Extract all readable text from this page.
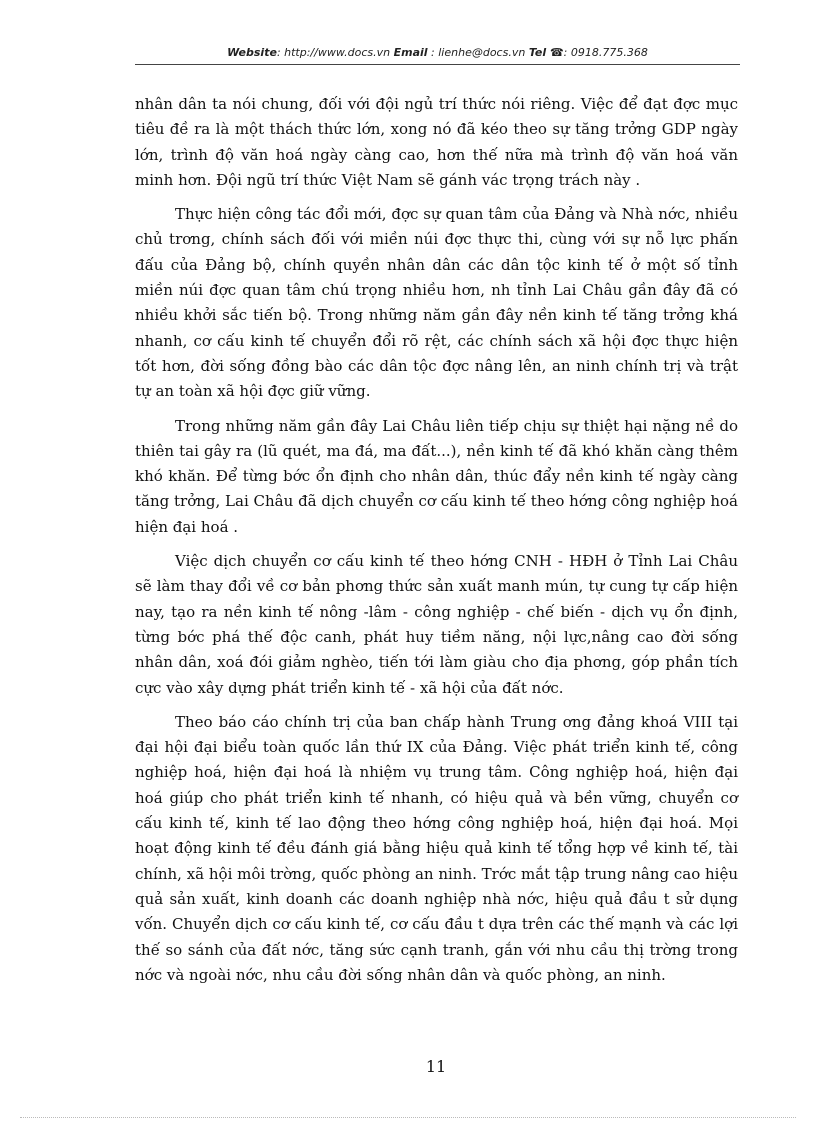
Website: http://www.docs.vn Email : lienhe@docs.vn Tel ☎: 0918.775.368

nhân dân ta nói chung, đối với đội ngủ trí thức nói riêng. Việc để đạt đợc mục tiêu đề ra là một thách thức lớn, xong nó đã kéo theo sự tăng trởng GDP ngày lớn, trình độ văn hoá ngày càng cao, hơn thế nữa mà trình độ văn hoá văn minh hơn. Đội ngũ trí thức Việt Nam sẽ gánh vác trọng trách này .

Thực hiện công tác đổi mới, đợc sự quan tâm của Đảng và Nhà nớc, nhiều chủ trơng, chính sách đối với miền núi đợc thực thi, cùng với sự nỗ lực phấn đấu của Đảng bộ, chính quyền nhân dân các dân tộc kinh tế ở một số tỉnh miền núi đợc quan tâm chú trọng nhiều hơn, nh tỉnh Lai Châu gần đây đã có nhiều khởi sắc tiến bộ. Trong những năm gần đây nền kinh tế tăng trởng khá nhanh, cơ cấu kinh tế chuyển đổi rõ rệt, các chính sách xã hội đợc thực hiện tốt hơn, đời sống đồng bào các dân tộc đợc nâng lên, an ninh chính trị và trật tự an toàn xã hội đợc giữ vững.

Trong những năm gần đây Lai Châu liên tiếp chịu sự thiệt hại nặng nề do thiên tai gây ra (lũ quét, ma đá, ma đất...), nền kinh tế đã khó khăn càng thêm khó khăn. Để từng bớc ổn định cho nhân dân, thúc đẩy nền kinh tế ngày càng tăng trởng, Lai Châu đã dịch chuyển cơ cấu kinh tế theo hớng công nghiệp hoá hiện đại hoá .

Việc dịch chuyển cơ cấu kinh tế theo hớng CNH - HĐH ở Tỉnh Lai Châu sẽ làm thay đổi về cơ bản phơng thức sản xuất manh mún, tự cung tự cấp hiện nay, tạo ra nền kinh tế nông -lâm - công nghiệp - chế biến - dịch vụ ổn định, từng bớc phá thế độc canh, phát huy tiềm năng, nội lực,nâng cao đời sống nhân dân, xoá đói giảm nghèo, tiến tới làm giàu cho địa phơng, góp phần tích cực vào xây dựng phát triển kinh tế - xã hội của đất nớc.

Theo báo cáo chính trị của ban chấp hành Trung ơng đảng khoá VIII tại đại hội đại biểu toàn quốc lần thứ IX của Đảng. Việc phát triển kinh tế, công nghiệp hoá, hiện đại hoá là nhiệm vụ trung tâm. Công nghiệp hoá, hiện đại hoá giúp cho phát triển kinh tế nhanh, có hiệu quả và bền vững, chuyển cơ cấu kinh tế, kinh tế lao động theo hớng công nghiệp hoá, hiện đại hoá. Mọi hoạt động kinh tế đều đánh giá bằng hiệu quả kinh tế tổng hợp về kinh tế, tài chính, xã hội môi trờng, quốc phòng an ninh. Trớc mắt tập trung nâng cao hiệu quả sản xuất, kinh doanh các doanh nghiệp nhà nớc, hiệu quả đầu t sử dụng vốn. Chuyển dịch cơ cấu kinh tế, cơ cấu đầu t dựa trên các thế mạnh và các lợi thế so sánh của đất nớc, tăng sức cạnh tranh, gắn với nhu cầu thị trờng trong nớc và ngoài nớc, nhu cầu đời sống nhân dân và quốc phòng, an ninh.

11
